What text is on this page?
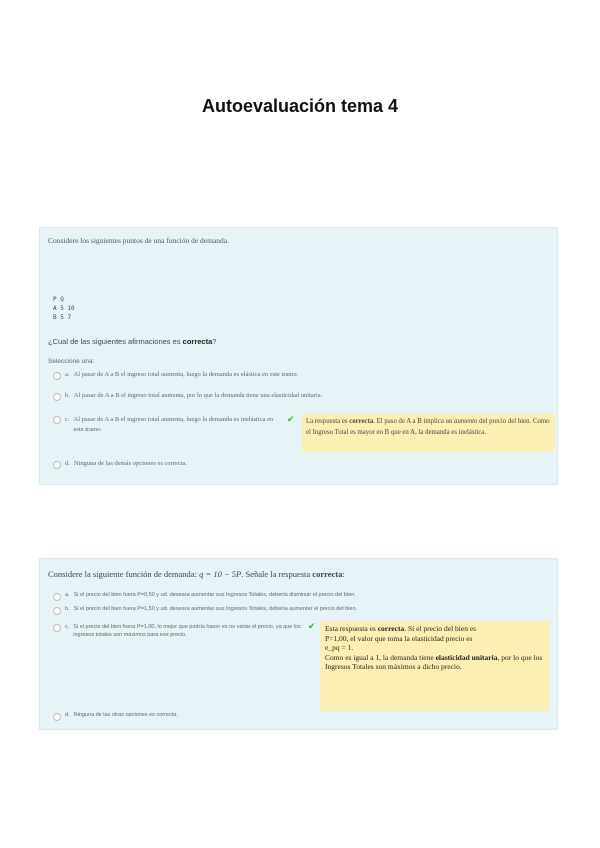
Autoevaluación tema 4

Considere los siguientes puntos de una función de demanda.

P Q
A 5 10
B 5 7

¿Cual de las siguientes afirmaciones es correcta?

Seleccione una:

a. Al pasar de A a B el ingreso total aumenta, luego la demanda es elástica en este tramo.
b. Al pasar de A a B el ingreso total aumenta, por lo que la demanda tiene una elasticidad unitaria.
c. Al pasar de A a B el ingreso total aumenta, luego la demanda es inelástica en este tramo.
✔	La respuesta es correcta. El paso de A a B implica un aumento del precio del bien. Como el Ingreso Total es mayor en B que en A, la demanda es inelástica.
d. Ninguna de las demás opciones es correcta.

Considere la siguiente función de demanda: q = 10 − 5P. Señale la respuesta correcta:

a. Si el precio del bien fuera P=0,50 y ud. deseara aumentar sus Ingresos Totales, debería disminuir el precio del bien.
b. Si el precio del bien fuera P=1,50 y ud. deseara aumentar sus Ingresos Totales, debería aumentar el precio del bien.
c. Si el precio del bien fuera P=1,00, lo mejor que podría hacer es no variar el precio, ya que los ingresos totales son máximos para ese precio.
✔ Esta respuesta es correcta. Si el precio del bien es
P=1,00, el valor que toma la elasticidad precio es
e_pq = 1.
Como es igual a 1, la demanda tiene elasticidad unitaria, por lo que los Ingresos Totales son máximos a dicho precio.
d. Ninguna de las otras opciones es correcta.
